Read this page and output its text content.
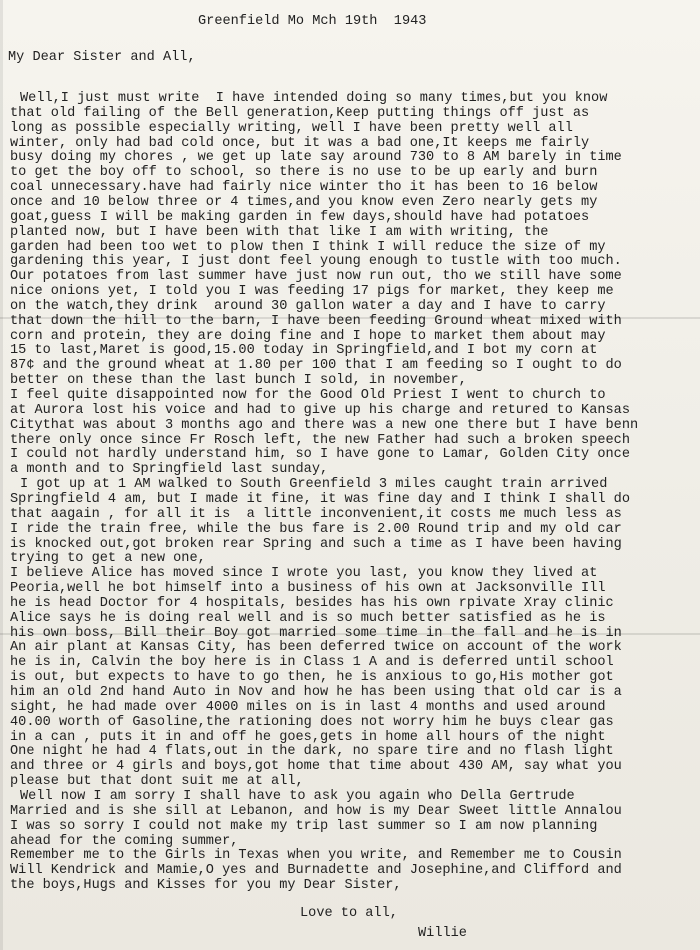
Greenfield Mo Mch 19th  1943
My Dear Sister and All,
Well,I just must write  I have intended doing so many times,but you know
that old failing of the Bell generation,Keep putting things off just as
long as possible especially writing, well I have been pretty well all
winter, only had bad cold once, but it was a bad one,It keeps me fairly
busy doing my chores , we get up late say around 730 to 8 AM barely in time
to get the boy off to school, so there is no use to be up early and burn
coal unnecessary.have had fairly nice winter tho it has been to 16 below
once and 10 below three or 4 times,and you know even Zero nearly gets my
goat,guess I will be making garden in few days,should have had potatoes
planted now, but I have been with that like I am with writing, the
garden had been too wet to plow then I think I will reduce the size of my
gardening this year, I just dont feel young enough to tustle with too much.
Our potatoes from last summer have just now run out, tho we still have some
nice onions yet, I told you I was feeding 17 pigs for market, they keep me
on the watch,they drink  around 30 gallon water a day and I have to carry
that down the hill to the barn, I have been feeding Ground wheat mixed with
corn and protein, they are doing fine and I hope to market them about may
15 to last,Maret is good,15.00 today in Springfield,and I bot my corn at
87¢ and the ground wheat at 1.80 per 100 that I am feeding so I ought to do
better on these than the last bunch I sold, in november,
I feel quite disappointed now for the Good Old Priest I went to church to
at Aurora lost his voice and had to give up his charge and retured to Kansas
Citythat was about 3 months ago and there was a new one there but I have benn
there only once since Fr Rosch left, the new Father had such a broken speech
I could not hardly understand him, so I have gone to Lamar, Golden City once
a month and to Springfield last sunday,
I got up at 1 AM walked to South Greenfield 3 miles caught train arrived
Springfield 4 am, but I made it fine, it was fine day and I think I shall do
that aagain , for all it is  a little inconvenient,it costs me much less as
I ride the train free, while the bus fare is 2.00 Round trip and my old car
is knocked out,got broken rear Spring and such a time as I have been having
trying to get a new one,
I believe Alice has moved since I wrote you last, you know they lived at
Peoria,well he bot himself into a business of his own at Jacksonville Ill
he is head Doctor for 4 hospitals, besides has his own rpivate Xray clinic
Alice says he is doing real well and is so much better satisfied as he is
his own boss, Bill their Boy got married some time in the fall and he is in
An air plant at Kansas City, has been deferred twice on account of the work
he is in, Calvin the boy here is in Class 1 A and is deferred until school
is out, but expects to have to go then, he is anxious to go,His mother got
him an old 2nd hand Auto in Nov and how he has been using that old car is a
sight, he had made over 4000 miles on is in last 4 months and used around
40.00 worth of Gasoline,the rationing does not worry him he buys clear gas
in a can , puts it in and off he goes,gets in home all hours of the night
One night he had 4 flats,out in the dark, no spare tire and no flash light
and three or 4 girls and boys,got home that time about 430 AM, say what you
please but that dont suit me at all,
Well now I am sorry I shall have to ask you again who Della Gertrude
Married and is she sill at Lebanon, and how is my Dear Sweet little Annalou
I was so sorry I could not make my trip last summer so I am now planning
ahead for the coming summer,
Remember me to the Girls in Texas when you write, and Remember me to Cousin
Will Kendrick and Mamie,O yes and Burnadette and Josephine,and Clifford and
the boys,Hugs and Kisses for you my Dear Sister,
Love to all,
Willie
